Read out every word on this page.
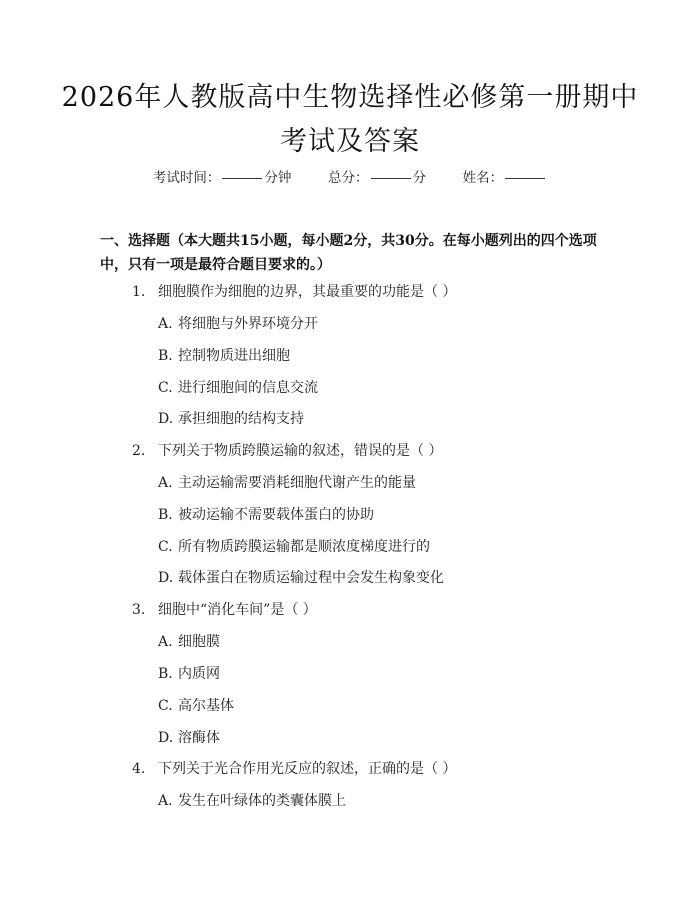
2026年人教版高中生物选择性必修第一册期中考试及答案
考试时间：	分钟	总分：	分	姓名：
一、选择题（本大题共15小题，每小题2分，共30分。在每小题列出的四个选项中，只有一项是最符合题目要求的。）
1. 细胞膜作为细胞的边界，其最重要的功能是（ ）
A. 将细胞与外界环境分开
B. 控制物质进出细胞
C. 进行细胞间的信息交流
D. 承担细胞的结构支持
2. 下列关于物质跨膜运输的叙述，错误的是（ ）
A. 主动运输需要消耗细胞代谢产生的能量
B. 被动运输不需要载体蛋白的协助
C. 所有物质跨膜运输都是顺浓度梯度进行的
D. 载体蛋白在物质运输过程中会发生构象变化
3. 细胞中“消化车间”是（ ）
A. 细胞膜
B. 内质网
C. 高尔基体
D. 溶酶体
4. 下列关于光合作用光反应的叙述，正确的是（ ）
A. 发生在叶绿体的类囊体膜上
